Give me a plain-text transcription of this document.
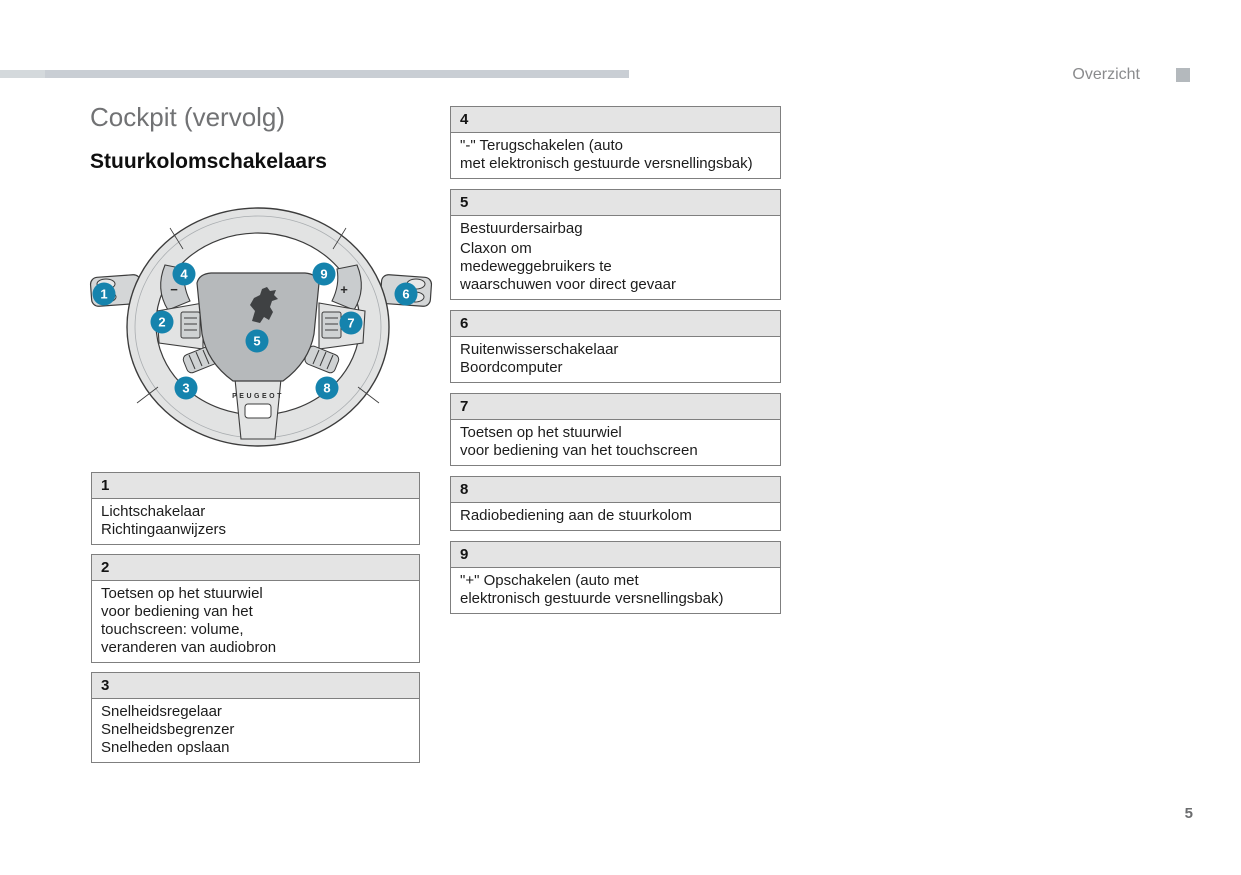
Overzicht
Cockpit (vervolg)
Stuurkolomschakelaars
−	+
PEUGEOT
1
2
3
4
5
6
7
8
9
1
Lichtschakelaar
Richtingaanwijzers
2
Toetsen op het stuurwiel
voor bediening van het
touchscreen: volume,
veranderen van audiobron
3
Snelheidsregelaar
Snelheidsbegrenzer
Snelheden opslaan
4
"-" Terugschakelen (auto
met elektronisch gestuurde versnellingsbak)
5
Bestuurdersairbag
Claxon om
medeweggebruikers te
waarschuwen voor direct gevaar
6
Ruitenwisserschakelaar
Boordcomputer
7
Toetsen op het stuurwiel
voor bediening van het touchscreen
8
Radiobediening aan de stuurkolom
9
"+" Opschakelen (auto met
elektronisch gestuurde versnellingsbak)
5
